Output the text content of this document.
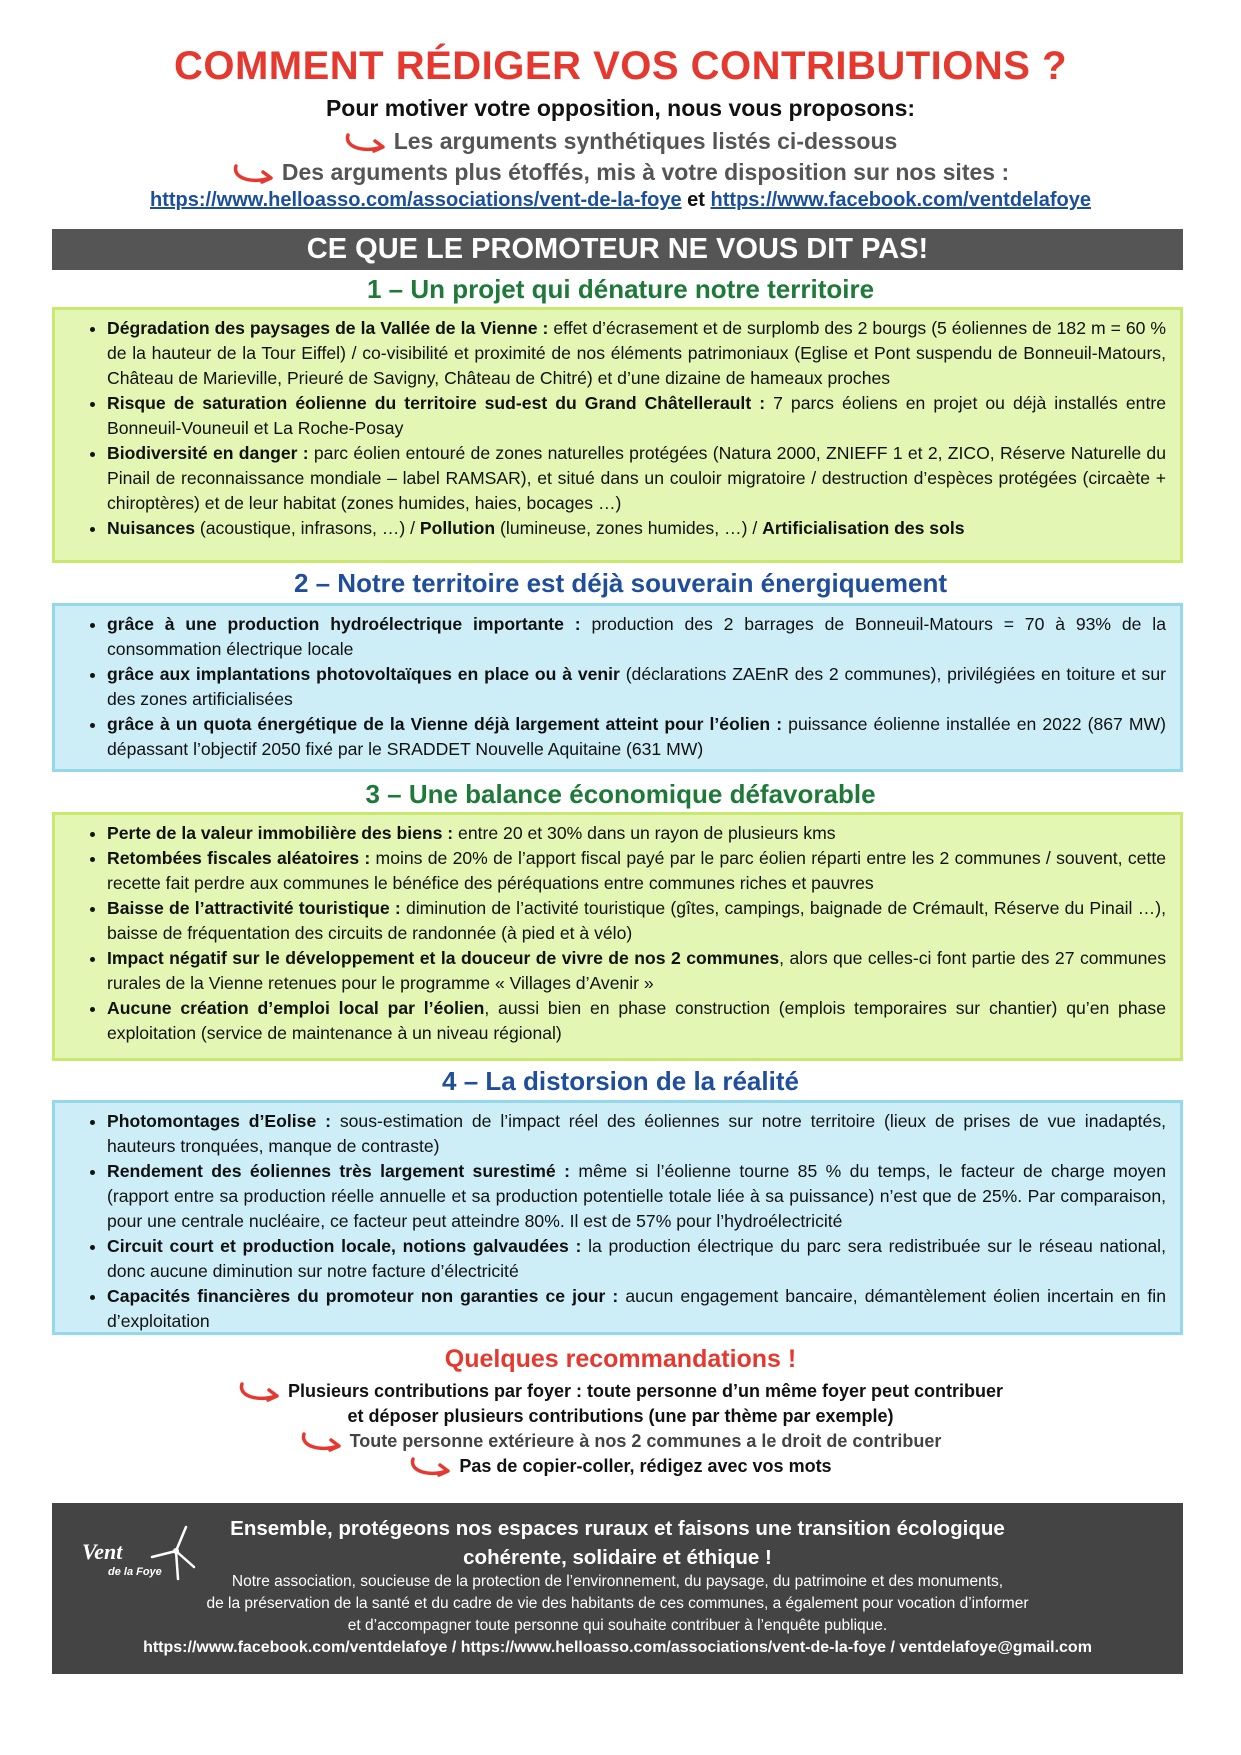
COMMENT RÉDIGER VOS CONTRIBUTIONS ?
Pour motiver votre opposition, nous vous proposons:
Les arguments synthétiques listés ci-dessous
Des arguments plus étoffés, mis à votre disposition sur nos sites :
https://www.helloasso.com/associations/vent-de-la-foye et https://www.facebook.com/ventdelafoye
CE QUE LE PROMOTEUR NE VOUS DIT PAS!
1 – Un projet qui dénature notre territoire
• Dégradation des paysages de la Vallée de la Vienne : effet d’écrasement et de surplomb des 2 bourgs (5 éoliennes de 182 m = 60 % de la hauteur de la Tour Eiffel) / co-visibilité et proximité de nos éléments patrimoniaux (Eglise et Pont suspendu de Bonneuil-Matours, Château de Marieville, Prieuré de Savigny, Château de Chitré) et d’une dizaine de hameaux proches
• Risque de saturation éolienne du territoire sud-est du Grand Châtellerault : 7 parcs éoliens en projet ou déjà installés entre Bonneuil-Vouneuil et La Roche-Posay
• Biodiversité en danger : parc éolien entouré de zones naturelles protégées (Natura 2000, ZNIEFF 1 et 2, ZICO, Réserve Naturelle du Pinail de reconnaissance mondiale – label RAMSAR), et situé dans un couloir migratoire / destruction d’espèces protégées (circaète + chiroptères) et de leur habitat (zones humides, haies, bocages …)
• Nuisances (acoustique, infrasons, …) / Pollution (lumineuse, zones humides, …) / Artificialisation des sols
2 – Notre territoire est déjà souverain énergiquement
• grâce à une production hydroélectrique importante : production des 2 barrages de Bonneuil-Matours = 70 à 93% de la consommation électrique locale
• grâce aux implantations photovoltaïques en place ou à venir (déclarations ZAEnR des 2 communes), privilégiées en toiture et sur des zones artificialisées
• grâce à un quota énergétique de la Vienne déjà largement atteint pour l’éolien : puissance éolienne installée en 2022 (867 MW) dépassant l’objectif 2050 fixé par le SRADDET Nouvelle Aquitaine (631 MW)
3 – Une balance économique défavorable
• Perte de la valeur immobilière des biens : entre 20 et 30% dans un rayon de plusieurs kms
• Retombées fiscales aléatoires : moins de 20% de l’apport fiscal payé par le parc éolien réparti entre les 2 communes / souvent, cette recette fait perdre aux communes le bénéfice des péréquations entre communes riches et pauvres
• Baisse de l’attractivité touristique : diminution de l’activité touristique (gîtes, campings, baignade de Crémault, Réserve du Pinail …), baisse de fréquentation des circuits de randonnée (à pied et à vélo)
• Impact négatif sur le développement et la douceur de vivre de nos 2 communes, alors que celles-ci font partie des 27 communes rurales de la Vienne retenues pour le programme « Villages d’Avenir »
• Aucune création d’emploi local par l’éolien, aussi bien en phase construction (emplois temporaires sur chantier) qu’en phase exploitation (service de maintenance à un niveau régional)
4 – La distorsion de la réalité
• Photomontages d’Eolise : sous-estimation de l’impact réel des éoliennes sur notre territoire (lieux de prises de vue inadaptés, hauteurs tronquées, manque de contraste)
• Rendement des éoliennes très largement surestimé : même si l’éolienne tourne 85 % du temps, le facteur de charge moyen (rapport entre sa production réelle annuelle et sa production potentielle totale liée à sa puissance) n’est que de 25%. Par comparaison, pour une centrale nucléaire, ce facteur peut atteindre 80%. Il est de 57% pour l’hydroélectricité
• Circuit court et production locale, notions galvaudées : la production électrique du parc sera redistribuée sur le réseau national, donc aucune diminution sur notre facture d’électricité
• Capacités financières du promoteur non garanties ce jour : aucun engagement bancaire, démantèlement éolien incertain en fin d’exploitation
Quelques recommandations !
Plusieurs contributions par foyer : toute personne d’un même foyer peut contribuer
et déposer plusieurs contributions (une par thème par exemple)
Toute personne extérieure à nos 2 communes a le droit de contribuer
Pas de copier-coller, rédigez avec vos mots
Vent
de la Foye
Ensemble, protégeons nos espaces ruraux et faisons une transition écologique
cohérente, solidaire et éthique !
Notre association, soucieuse de la protection de l’environnement, du paysage, du patrimoine et des monuments,
de la préservation de la santé et du cadre de vie des habitants de ces communes, a également pour vocation d’informer
et d’accompagner toute personne qui souhaite contribuer à l’enquête publique.
https://www.facebook.com/ventdelafoye / https://www.helloasso.com/associations/vent-de-la-foye / ventdelafoye@gmail.com
